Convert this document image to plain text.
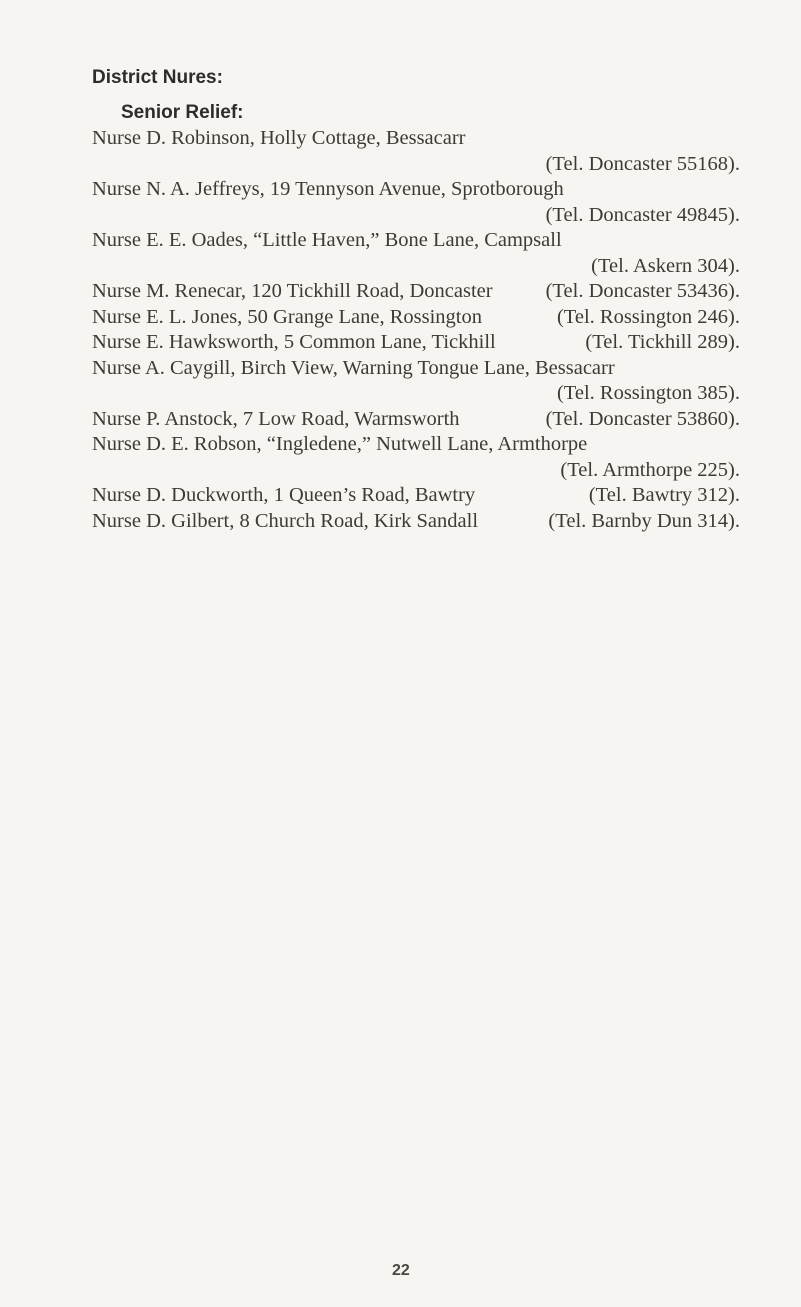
District Nures:
Senior Relief:
Nurse D. Robinson, Holly Cottage, Bessacarr
(Tel. Doncaster 55168).
Nurse N. A. Jeffreys, 19 Tennyson Avenue, Sprotborough
(Tel. Doncaster 49845).
Nurse E. E. Oades, “Little Haven,” Bone Lane, Campsall
(Tel. Askern 304).
Nurse M. Renecar, 120 Tickhill Road, Doncaster	(Tel. Doncaster 53436).
Nurse E. L. Jones, 50 Grange Lane, Rossington	(Tel. Rossington 246).
Nurse E. Hawksworth, 5 Common Lane, Tickhill	(Tel. Tickhill 289).
Nurse A. Caygill, Birch View, Warning Tongue Lane, Bessacarr
(Tel. Rossington 385).
Nurse P. Anstock, 7 Low Road, Warmsworth	(Tel. Doncaster 53860).
Nurse D. E. Robson, “Ingledene,” Nutwell Lane, Armthorpe
(Tel. Armthorpe 225).
Nurse D. Duckworth, 1 Queen’s Road, Bawtry	(Tel. Bawtry 312).
Nurse D. Gilbert, 8 Church Road, Kirk Sandall	(Tel. Barnby Dun 314).
22
